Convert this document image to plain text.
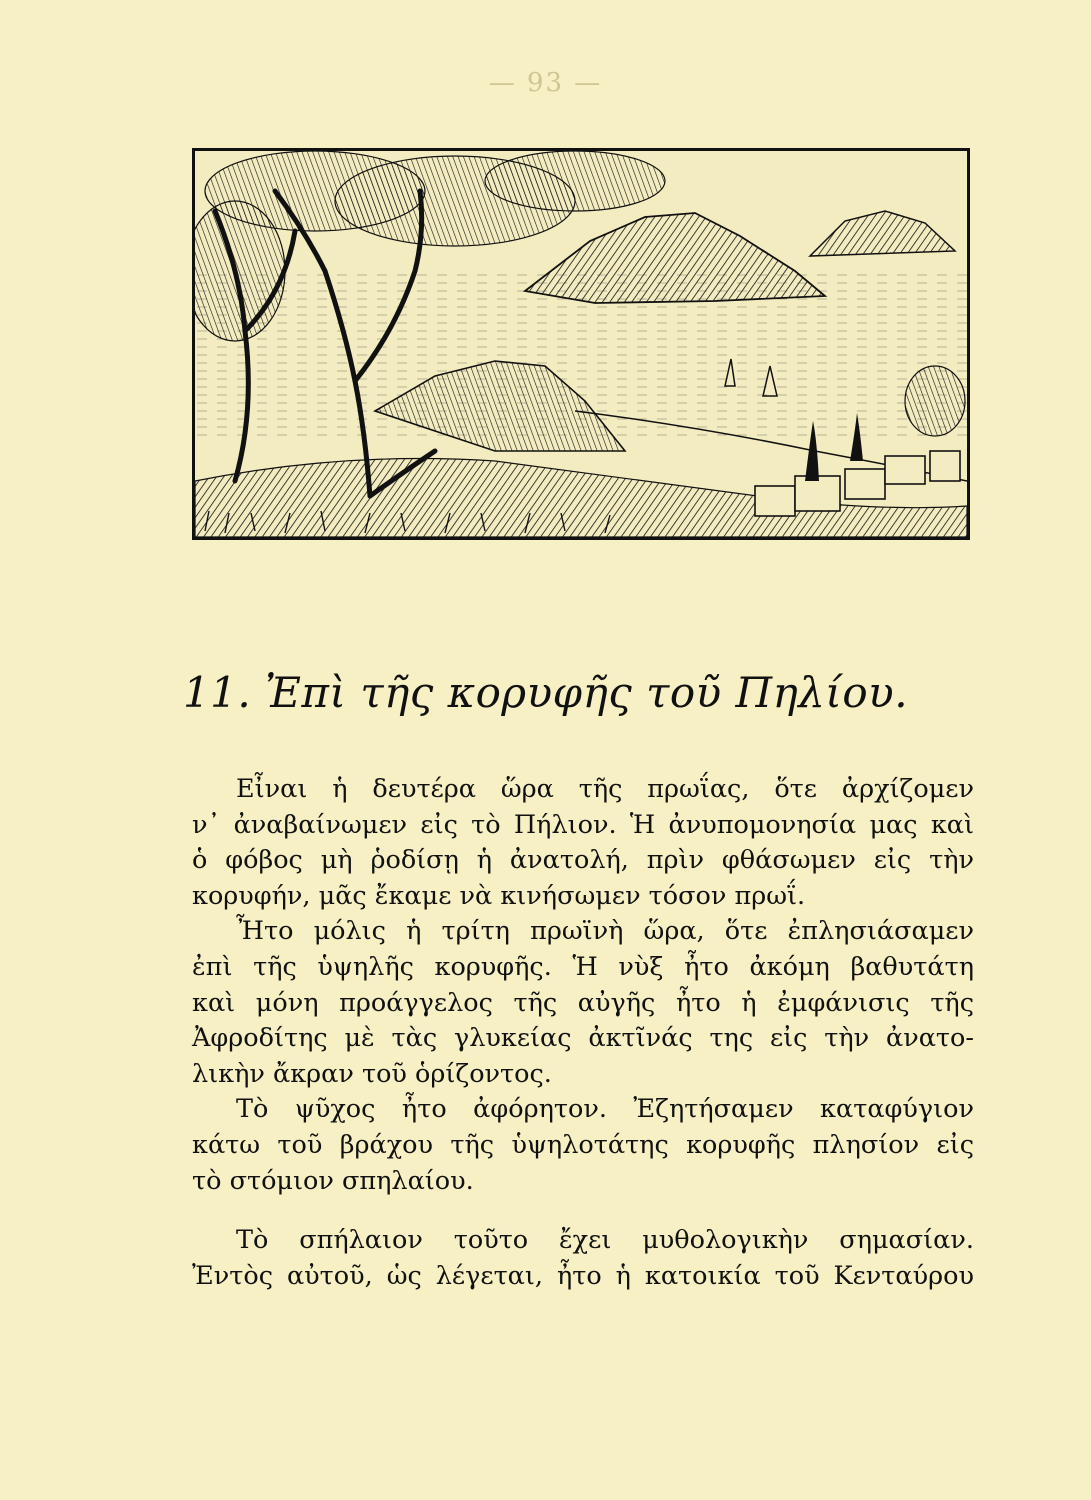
— 93 —
11. Ἐπὶ τῆς κορυφῆς τοῦ Πηλίου.
Εἶναι ἡ δευτέρα ὥρα τῆς πρωΐας, ὅτε ἀρχίζομεν
ν᾿ ἀναβαίνωμεν εἰς τὸ Πήλιον. Ἡ ἀνυπομονησία μας καὶ
ὁ φόβος μὴ ῥοδίσῃ ἡ ἀνατολή, πρὶν φθάσωμεν εἰς τὴν
κορυφήν, μᾶς ἔκαμε νὰ κινήσωμεν τόσον πρωΐ.
Ἦτο μόλις ἡ τρίτη πρωϊνὴ ὥρα, ὅτε ἐπλησιάσαμεν
ἐπὶ τῆς ὑψηλῆς κορυφῆς. Ἡ νὺξ ἦτο ἀκόμη βαθυτάτη
καὶ μόνη προάγγελος τῆς αὐγῆς ἦτο ἡ ἐμφάνισις τῆς
Ἀφροδίτης μὲ τὰς γλυκείας ἀκτῖνάς της εἰς τὴν ἀνατο-
λικὴν ἄκραν τοῦ ὁρίζοντος.
Τὸ ψῦχος ἦτο ἀφόρητον. Ἐζητήσαμεν καταφύγιον
κάτω τοῦ βράχου τῆς ὑψηλοτάτης κορυφῆς πλησίον εἰς
τὸ στόμιον σπηλαίου.
Τὸ σπήλαιον τοῦτο ἔχει μυθολογικὴν σημασίαν.
Ἐντὸς αὐτοῦ, ὡς λέγεται, ἦτο ἡ κατοικία τοῦ Κενταύρου
